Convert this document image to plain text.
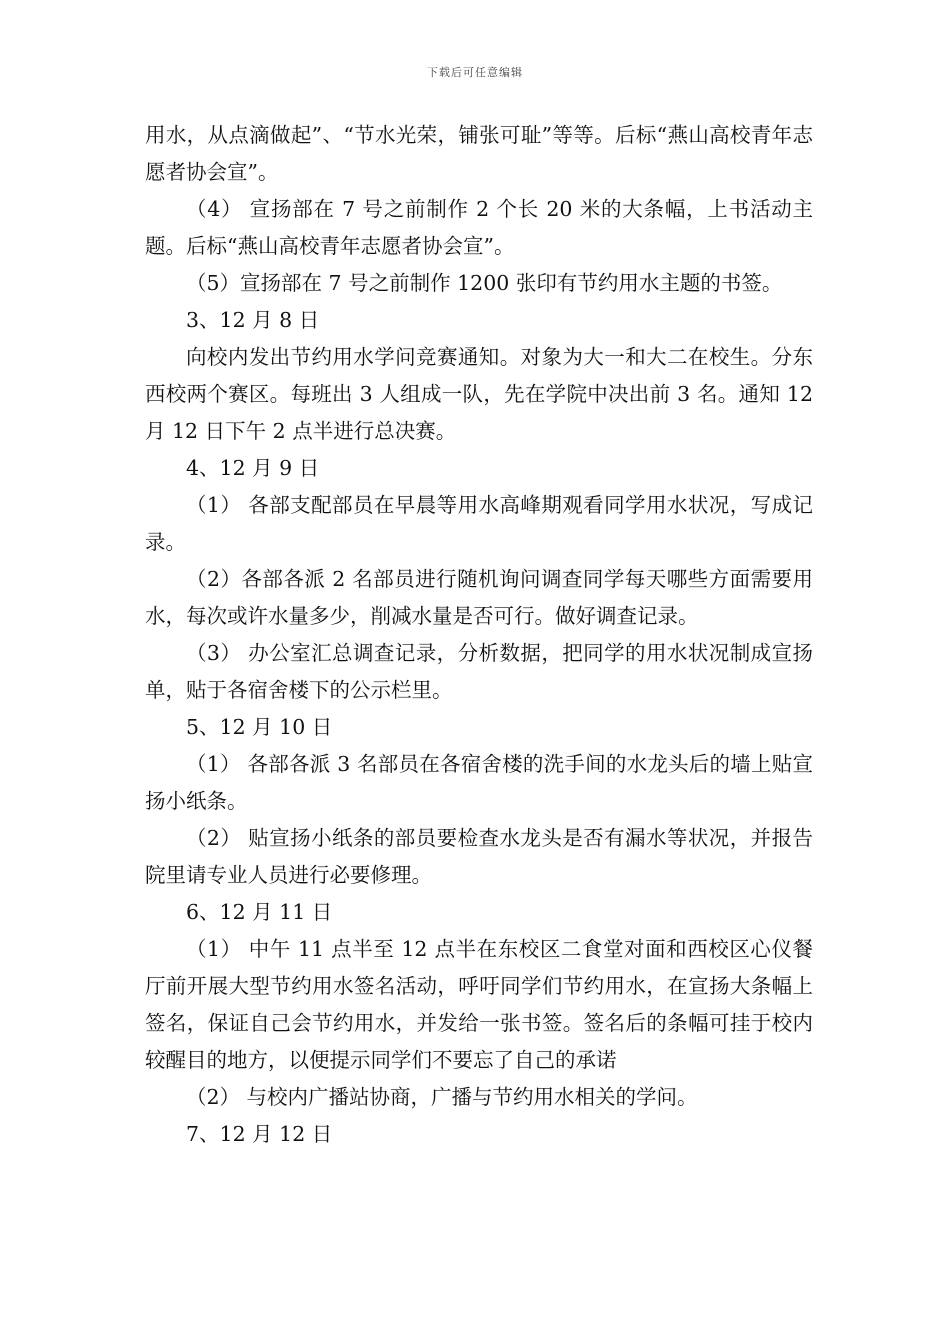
下载后可任意编辑

用水，从点滴做起”、“节水光荣，铺张可耻”等等。后标“燕山高校青年志愿者协会宣”。

（4） 宣扬部在 7 号之前制作 2 个长 20 米的大条幅，上书活动主题。后标“燕山高校青年志愿者协会宣”。

（5）宣扬部在 7 号之前制作 1200 张印有节约用水主题的书签。

3、12 月 8 日

向校内发出节约用水学问竞赛通知。对象为大一和大二在校生。分东西校两个赛区。每班出 3 人组成一队，先在学院中决出前 3 名。通知 12 月 12 日下午 2 点半进行总决赛。

4、12 月 9 日

（1） 各部支配部员在早晨等用水高峰期观看同学用水状况，写成记录。

（2）各部各派 2 名部员进行随机询问调查同学每天哪些方面需要用水，每次或许水量多少，削减水量是否可行。做好调查记录。

（3） 办公室汇总调查记录，分析数据，把同学的用水状况制成宣扬单，贴于各宿舍楼下的公示栏里。

5、12 月 10 日

（1） 各部各派 3 名部员在各宿舍楼的洗手间的水龙头后的墙上贴宣扬小纸条。

（2） 贴宣扬小纸条的部员要检查水龙头是否有漏水等状况，并报告院里请专业人员进行必要修理。

6、12 月 11 日

（1） 中午 11 点半至 12 点半在东校区二食堂对面和西校区心仪餐厅前开展大型节约用水签名活动，呼吁同学们节约用水，在宣扬大条幅上签名，保证自己会节约用水，并发给一张书签。签名后的条幅可挂于校内较醒目的地方，以便提示同学们不要忘了自己的承诺

（2） 与校内广播站协商，广播与节约用水相关的学问。

7、12 月 12 日
